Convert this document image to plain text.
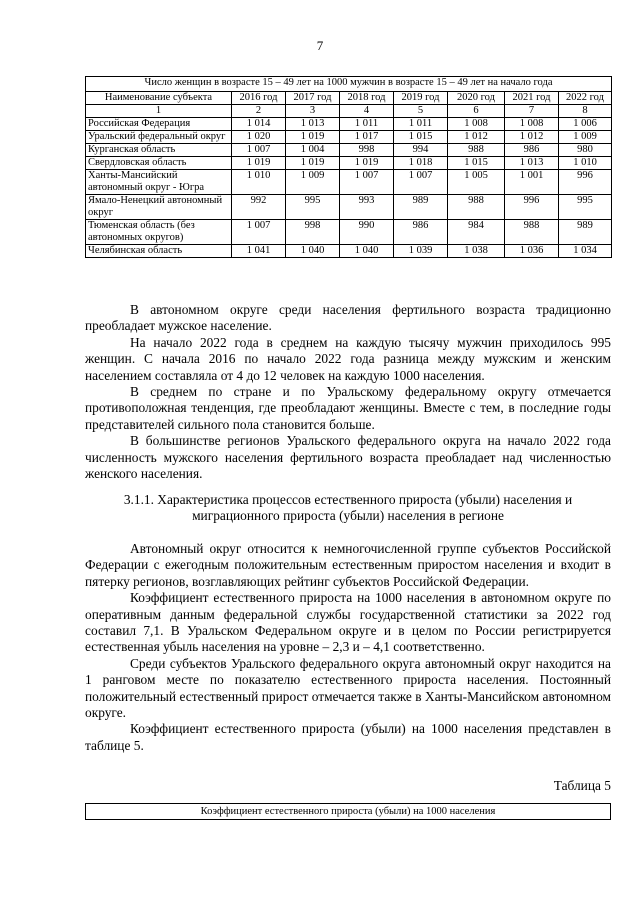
7
Число женщин в возрасте 15 – 49 лет на 1000 мужчин в возрасте 15 – 49 лет на начало года							
Наименование субъекта	2016 год	2017 год	2018 год	2019 год	2020 год	2021 год	2022 год
1	2	3	4	5	6	7	8
Российская Федерация	1 014	1 013	1 011	1 011	1 008	1 008	1 006
Уральский федеральный округ	1 020	1 019	1 017	1 015	1 012	1 012	1 009
Курганская область	1 007	1 004	998	994	988	986	980
Свердловская область	1 019	1 019	1 019	1 018	1 015	1 013	1 010
Ханты-Мансийский автономный округ - Югра	1 010	1 009	1 007	1 007	1 005	1 001	996
Ямало-Ненецкий автономный округ	992	995	993	989	988	996	995
Тюменская область (без автономных округов)	1 007	998	990	986	984	988	989
Челябинская область	1 041	1 040	1 040	1 039	1 038	1 036	1 034

В автономном округе среди населения фертильного возраста традиционно преобладает мужское население.

На начало 2022 года в среднем на каждую тысячу мужчин приходилось 995 женщин. С начала 2016 по начало 2022 года разница между мужским и женским населением составляла от 4 до 12 человек на каждую 1000 населения.

В среднем по стране и по Уральскому федеральному округу отмечается противоположная тенденция, где преобладают женщины. Вместе с тем, в последние годы представителей сильного пола становится больше.

В большинстве регионов Уральского федерального округа на начало 2022 года численность мужского населения фертильного возраста преобладает над численностью женского населения.

3.1.1. Характеристика процессов естественного прироста (убыли) населения и
миграционного прироста (убыли) населения в регионе

Автономный округ относится к немногочисленной группе субъектов Российской Федерации с ежегодным положительным естественным приростом населения и входит в пятерку регионов, возглавляющих рейтинг субъектов Российской Федерации.

Коэффициент естественного прироста на 1000 населения в автономном округе по оперативным данным федеральной службы государственной статистики за 2022 год составил 7,1. В Уральском Федеральном округе и в целом по России регистрируется естественная убыль населения на уровне – 2,3 и – 4,1 соответственно.

Среди субъектов Уральского федерального округа автономный округ находится на 1 ранговом месте по показателю естественного прироста населения. Постоянный положительный естественный прирост отмечается также в Ханты-Мансийском автономном округе.

Коэффициент естественного прироста (убыли) на 1000 населения представлен в таблице 5.

Таблица 5
Коэффициент естественного прироста (убыли) на 1000 населения
